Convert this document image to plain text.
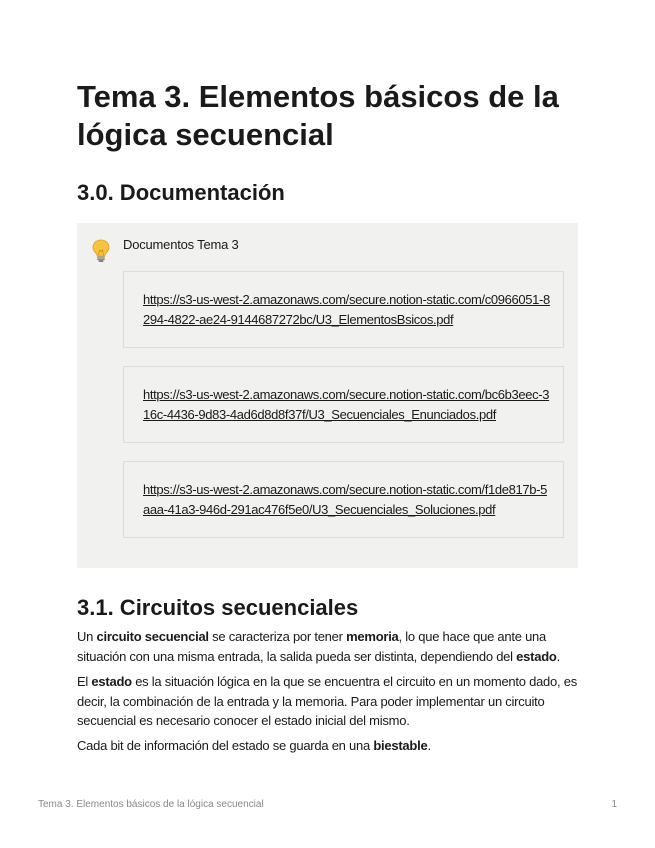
Tema 3. Elementos básicos de la lógica secuencial
3.0. Documentación
Documentos Tema 3
https://s3-us-west-2.amazonaws.com/secure.notion-static.com/c0966051-8294-4822-ae24-9144687272bc/U3_ElementosBsicos.pdf
https://s3-us-west-2.amazonaws.com/secure.notion-static.com/bc6b3eec-316c-4436-9d83-4ad6d8d8f37f/U3_Secuenciales_Enunciados.pdf
https://s3-us-west-2.amazonaws.com/secure.notion-static.com/f1de817b-5aaa-41a3-946d-291ac476f5e0/U3_Secuenciales_Soluciones.pdf
3.1. Circuitos secuenciales

Un circuito secuencial se caracteriza por tener memoria, lo que hace que ante una situación con una misma entrada, la salida pueda ser distinta, dependiendo del estado.

El estado es la situación lógica en la que se encuentra el circuito en un momento dado, es decir, la combinación de la entrada y la memoria. Para poder implementar un circuito secuencial es necesario conocer el estado inicial del mismo.

Cada bit de información del estado se guarda en una biestable.

Tema 3. Elementos básicos de la lógica secuencial	1
